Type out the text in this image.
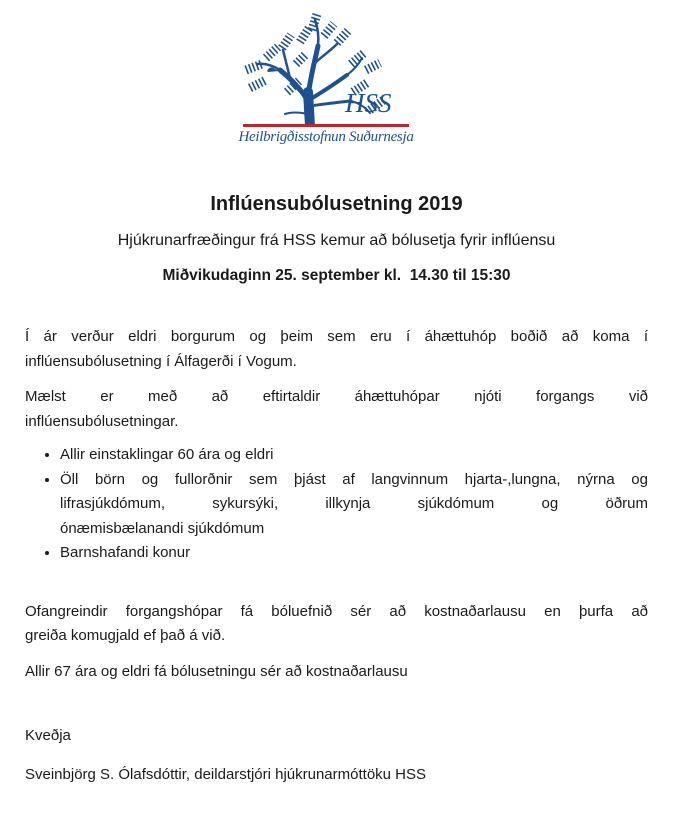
HSS
Heilbrigðisstofnun Suðurnesja
Inflúensubólusetning 2019
Hjúkrunarfræðingur frá HSS kemur að bólusetja fyrir inflúensu
Miðvikudaginn 25. september kl.  14.30 til 15:30
Í ár verður eldri borgurum og þeim sem eru í áhættuhóp boðið að koma í
inflúensubólusetning í Álfagerði í Vogum.
Mælst er með að eftirtaldir áhættuhópar njóti forgangs við
inflúensubólusetningar.
• Allir einstaklingar 60 ára og eldri
• Öll börn og fullorðnir sem þjást af langvinnum hjarta-,lungna, nýrna og
lifrasjúkdómum, sykursýki, illkynja sjúkdómum og öðrum
ónæmisbælanandi sjúkdómum
• Barnshafandi konur
Ofangreindir forgangshópar fá bóluefnið sér að kostnaðarlausu en þurfa að
greiða komugjald ef það á við.
Allir 67 ára og eldri fá bólusetningu sér að kostnaðarlausu
Kveðja
Sveinbjörg S. Ólafsdóttir, deildarstjóri hjúkrunarmóttöku HSS
